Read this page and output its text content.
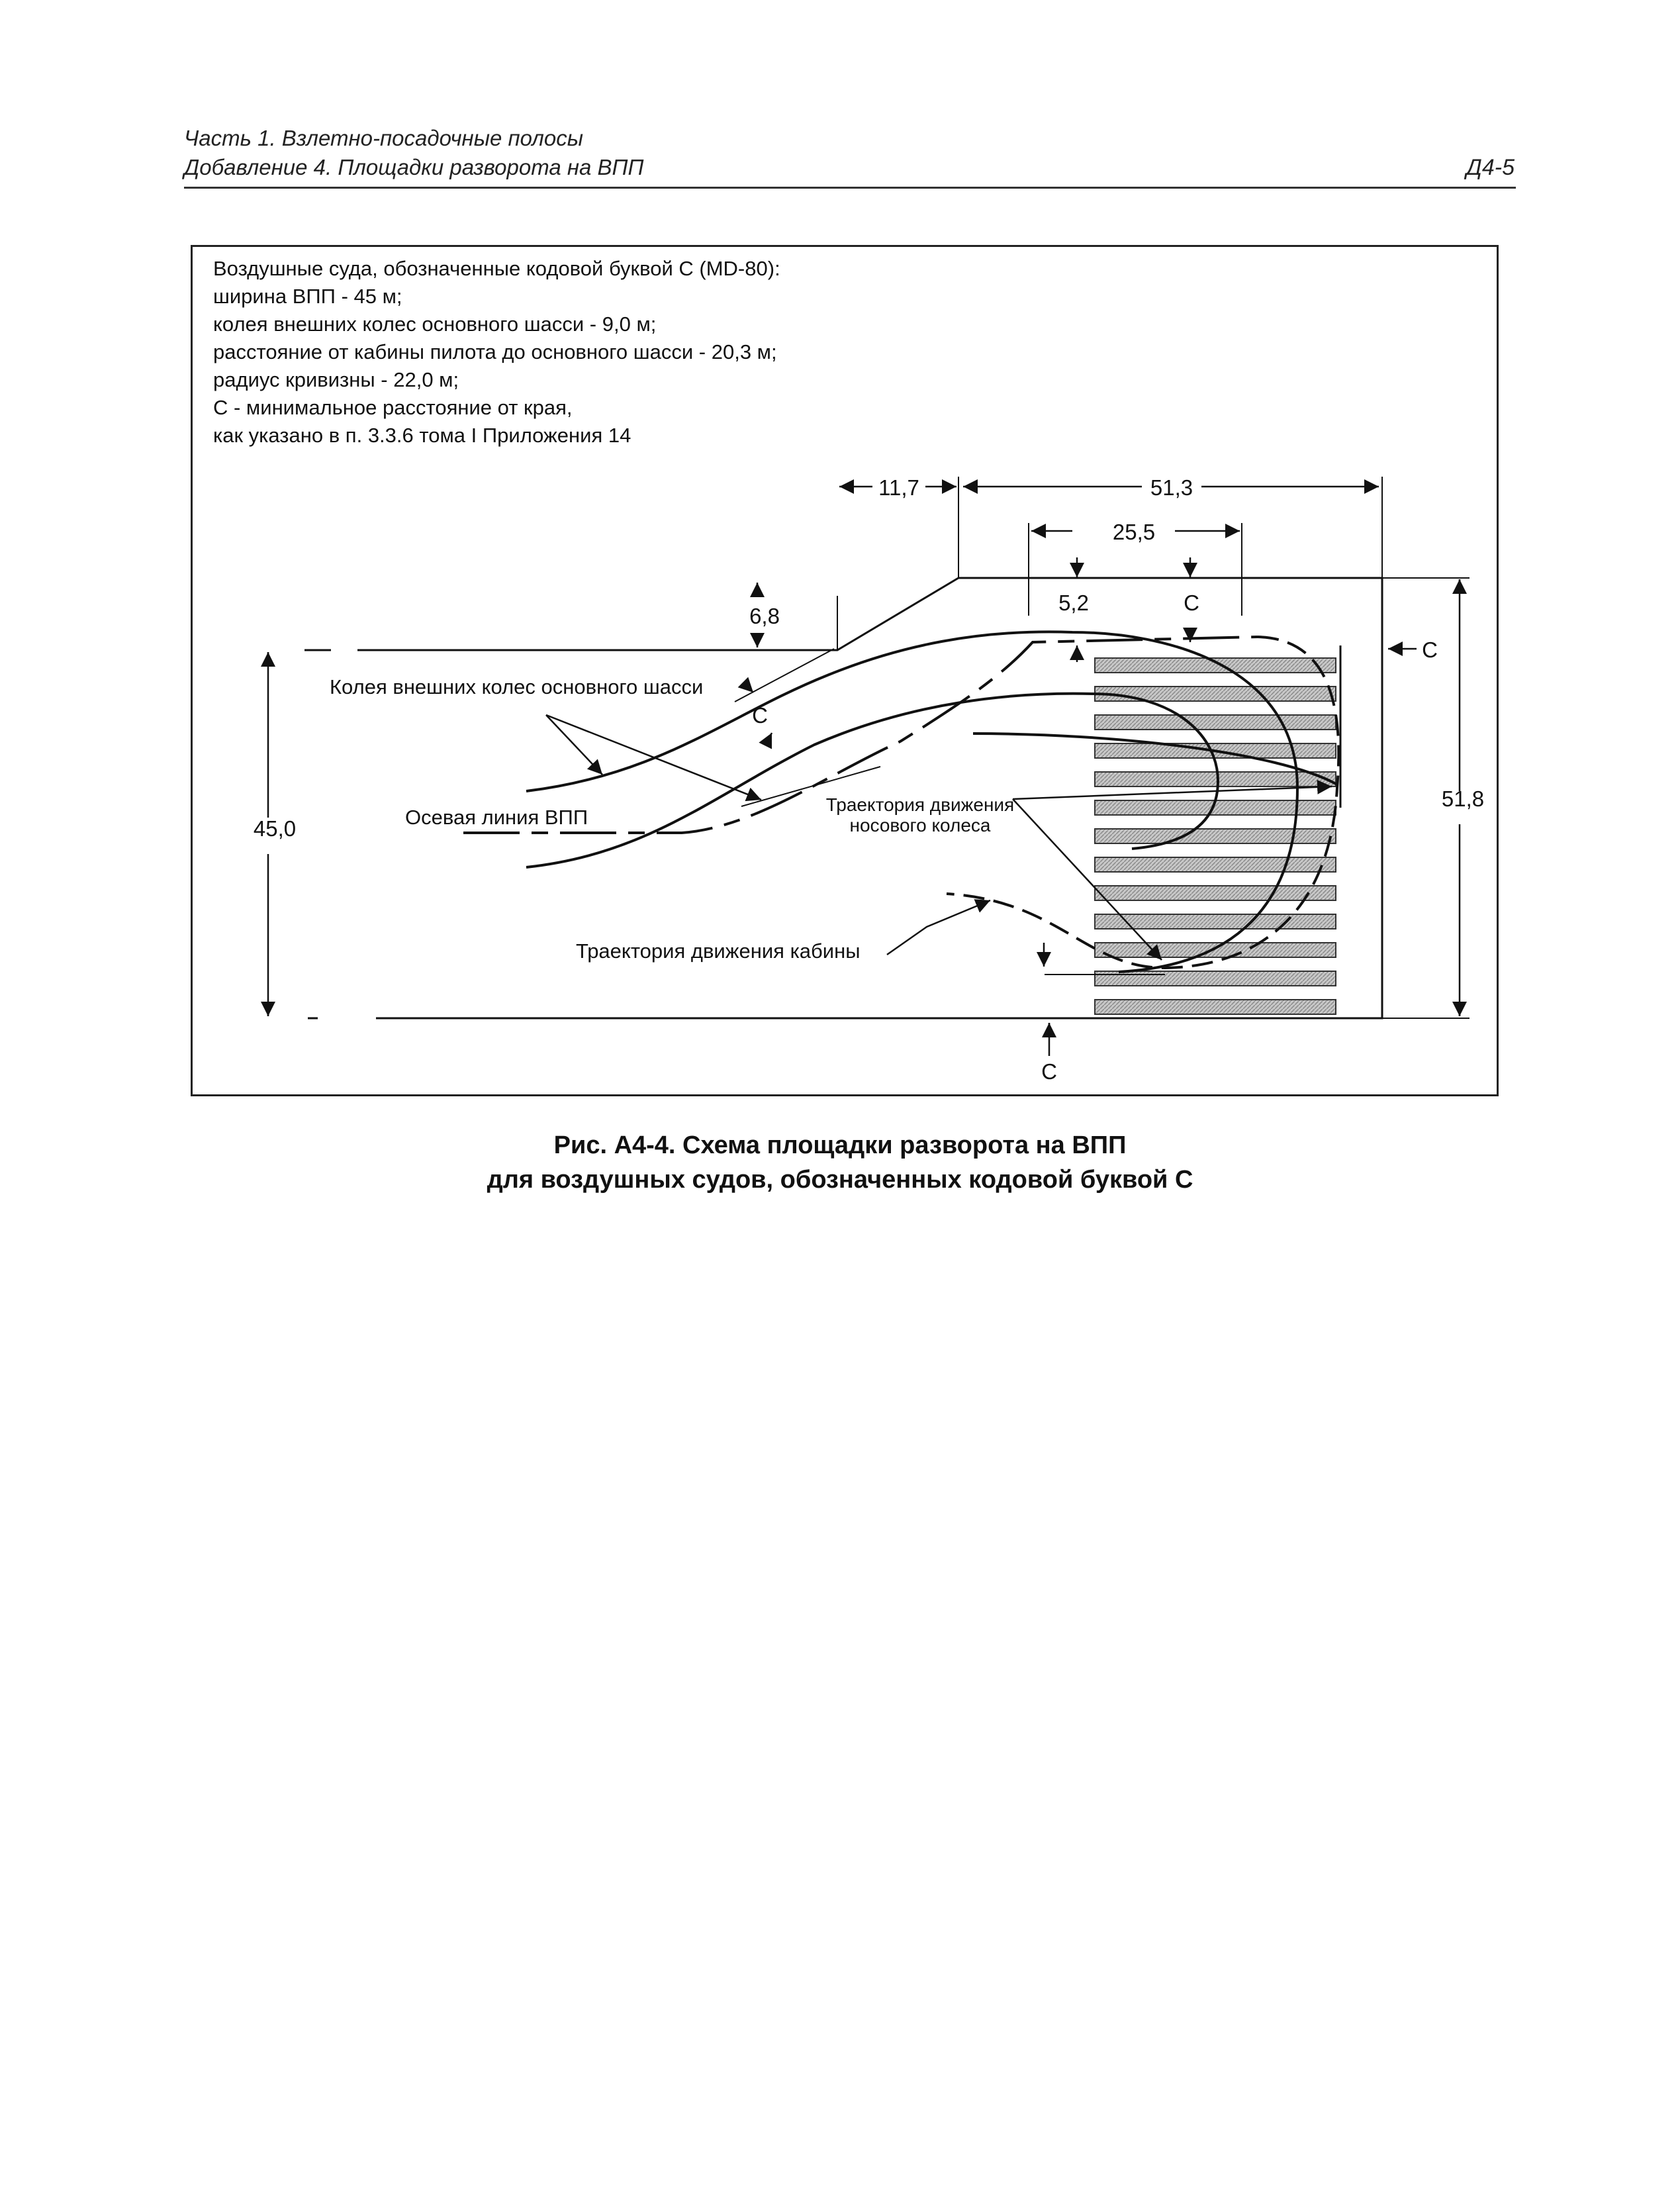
Часть 1. Взлетно-посадочные полосы
Добавление 4. Площадки разворота на ВПП	Д4-5
Воздушные суда, обозначенные кодовой буквой C (MD-80):
ширина ВПП - 45 м;
колея внешних колес основного шасси - 9,0 м;
расстояние от кабины пилота до основного шасси - 20,3 м;
радиус кривизны - 22,0 м;
C - минимальное расстояние от края,
как указано в п. 3.3.6 тома I Приложения 14
11,7	51,3
25,5
6,8
5,2
45,0
51,8
C
C
C
C
Колея внешних колес основного шасси
Осевая линия ВПП
Траектория движения
носового колеса
Траектория движения кабины
Рис. A4-4. Схема площадки разворота на ВПП
для воздушных судов, обозначенных кодовой буквой C
